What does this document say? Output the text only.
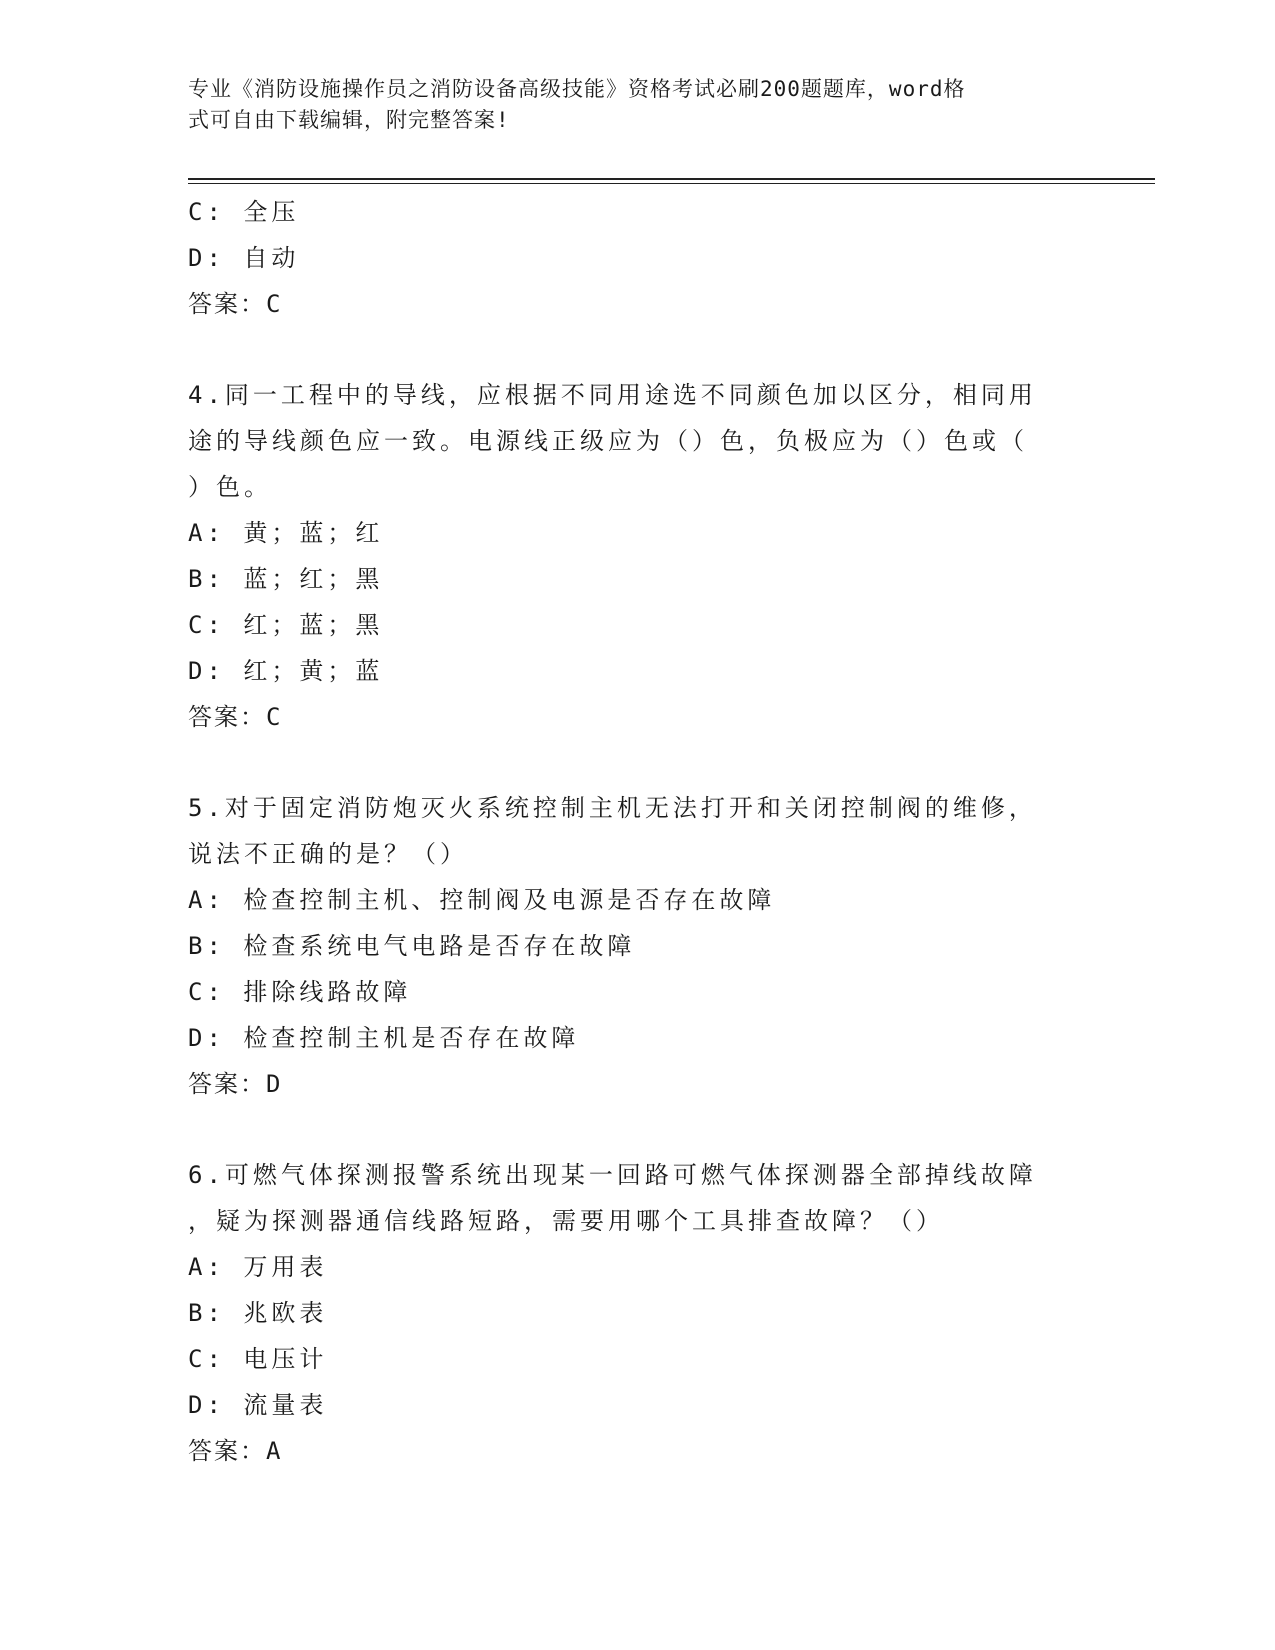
专业《消防设施操作员之消防设备高级技能》资格考试必刷200题题库，word格
式可自由下载编辑，附完整答案!
C: 全压
D: 自动
答案：C
4.同一工程中的导线，应根据不同用途选不同颜色加以区分，相同用
途的导线颜色应一致。电源线正级应为（）色，负极应为（）色或（
）色。
A: 黄；蓝；红
B: 蓝；红；黑
C: 红；蓝；黑
D: 红；黄；蓝
答案：C
5.对于固定消防炮灭火系统控制主机无法打开和关闭控制阀的维修，
说法不正确的是？（）
A: 检查控制主机、控制阀及电源是否存在故障
B: 检查系统电气电路是否存在故障
C: 排除线路故障
D: 检查控制主机是否存在故障
答案：D
6.可燃气体探测报警系统出现某一回路可燃气体探测器全部掉线故障
，疑为探测器通信线路短路，需要用哪个工具排查故障？（）
A: 万用表
B: 兆欧表
C: 电压计
D: 流量表
答案：A
